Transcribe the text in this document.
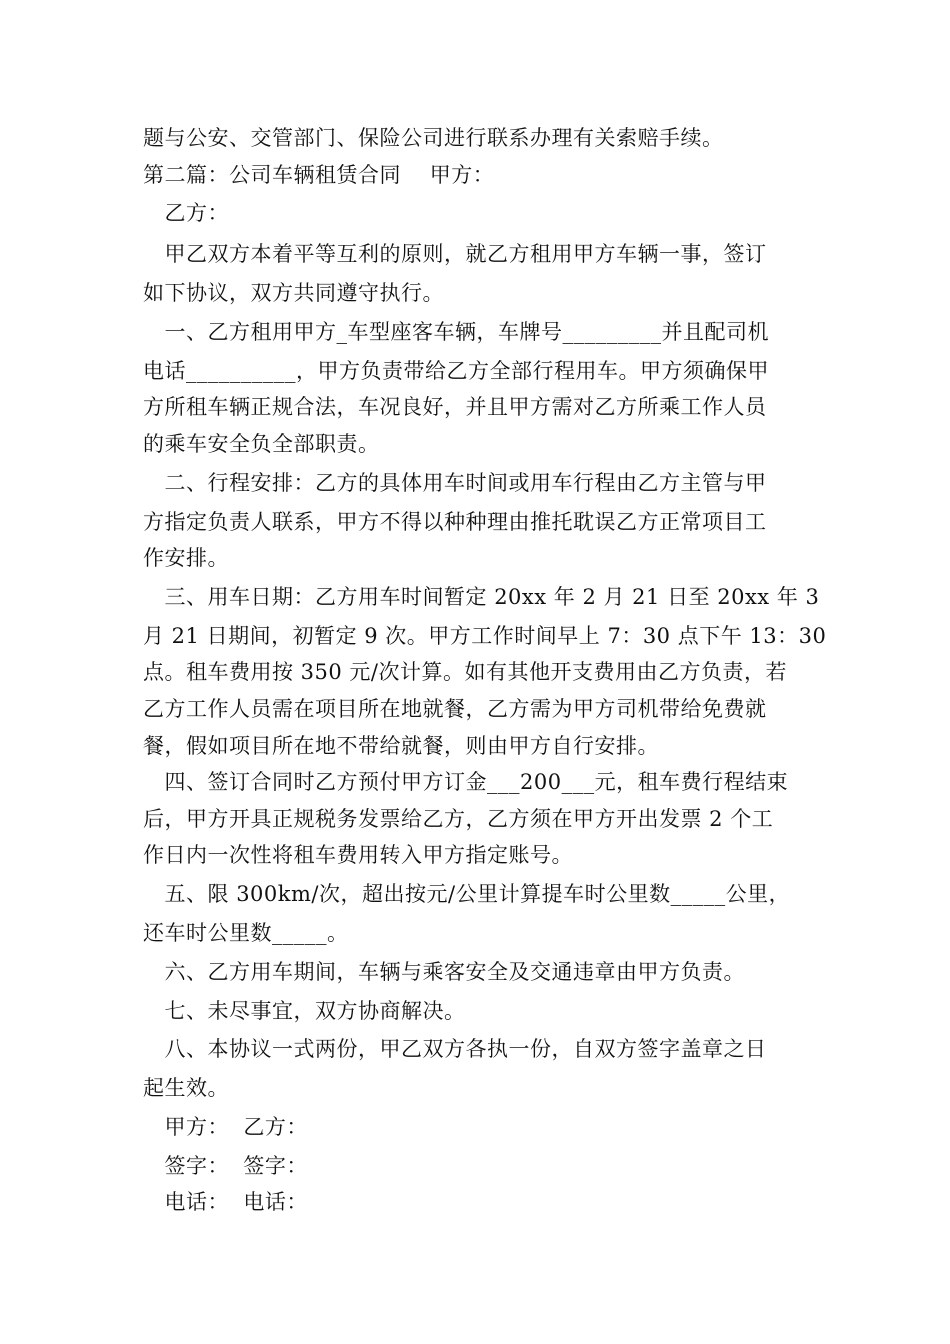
题与公安、交管部门、保险公司进行联系办理有关索赔手续。
第二篇：公司车辆租赁合同    甲方：
乙方：
甲乙双方本着平等互利的原则，就乙方租用甲方车辆一事，签订
如下协议，双方共同遵守执行。
一、乙方租用甲方_车型座客车辆，车牌号_________并且配司机
电话__________，甲方负责带给乙方全部行程用车。甲方须确保甲
方所租车辆正规合法，车况良好，并且甲方需对乙方所乘工作人员
的乘车安全负全部职责。
二、行程安排：乙方的具体用车时间或用车行程由乙方主管与甲
方指定负责人联系，甲方不得以种种理由推托耽误乙方正常项目工
作安排。
三、用车日期：乙方用车时间暂定 20xx 年 2 月 21 日至 20xx 年 3
月 21 日期间，初暂定 9 次。甲方工作时间早上 7：30 点下午 13：30
点。租车费用按 350 元/次计算。如有其他开支费用由乙方负责，若
乙方工作人员需在项目所在地就餐，乙方需为甲方司机带给免费就
餐，假如项目所在地不带给就餐，则由甲方自行安排。
四、签订合同时乙方预付甲方订金___200___元，租车费行程结束
后，甲方开具正规税务发票给乙方，乙方须在甲方开出发票 2 个工
作日内一次性将租车费用转入甲方指定账号。
五、限 300km/次，超出按元/公里计算提车时公里数_____公里，
还车时公里数_____。
六、乙方用车期间，车辆与乘客安全及交通违章由甲方负责。
七、未尽事宜，双方协商解决。
八、本协议一式两份，甲乙双方各执一份，自双方签字盖章之日
起生效。
甲方：  乙方：
签字：  签字：
电话：  电话：
